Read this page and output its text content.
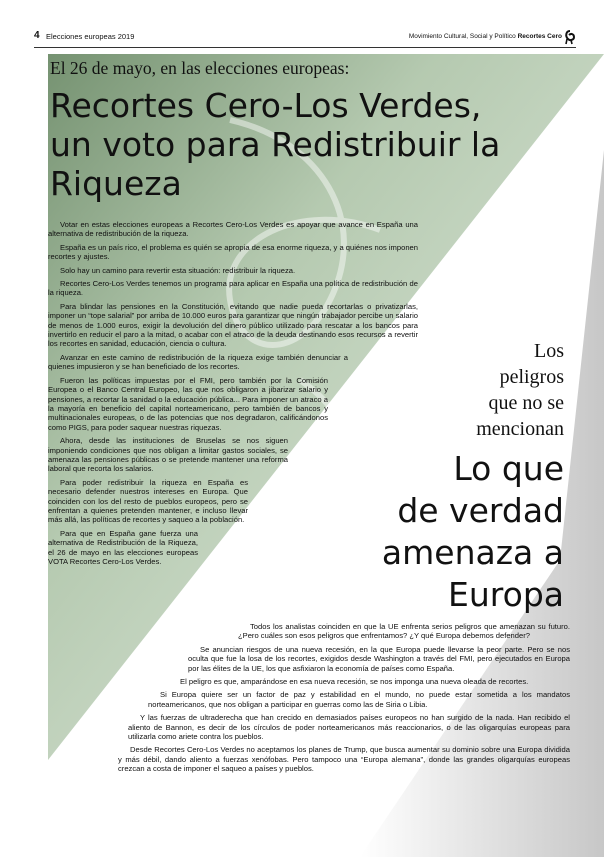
4 Elecciones europeas 2019	Movimiento Cultural, Social y Político Recortes Cero
El 26 de mayo, en las elecciones europeas:
Recortes Cero-Los Verdes, un voto para Redistribuir la Riqueza

Votar en estas elecciones europeas a Recortes Cero-Los Verdes es apoyar que avance en España una alternativa de redistribución de la riqueza.

España es un país rico, el problema es quién se apropia de esa enorme riqueza, y a quiénes nos imponen recortes y ajustes.

Solo hay un camino para revertir esta situación: redistribuir la riqueza.

Recortes Cero-Los Verdes tenemos un programa para aplicar en España una política de redistribución de la riqueza.

Para blindar las pensiones en la Constitución, evitando que nadie pueda recortarlas o privatizarlas, imponer un “tope salarial” por arriba de 10.000 euros para garantizar que ningún trabajador percibe un salario de menos de 1.000 euros, exigir la devolución del dinero público utilizado para rescatar a los bancos para invertirlo en reducir el paro a la mitad, o acabar con el atraco de la deuda destinando esos recursos a revertir los recortes en sanidad, educación, ciencia o cultura.

Avanzar en este camino de redistribución de la riqueza exige también denunciar a quienes impusieron y se han beneficiado de los recortes.

Fueron las políticas impuestas por el FMI, pero también por la Comisión Europea o el Banco Central Europeo, las que nos obligaron a jibarizar salario y pensiones, a recortar la sanidad o la educación pública... Para imponer un atraco a la mayoría en beneficio del capital norteamericano, pero también de bancos y multinacionales europeas, o de las potencias que nos degradaron, calificándonos como PIGS, para poder saquear nuestras riquezas.

Ahora, desde las instituciones de Bruselas se nos siguen imponiendo condiciones que nos obligan a limitar gastos sociales, se amenaza las pensiones públicas o se pretende mantener una reforma laboral que recorta los salarios.

Para poder redistribuir la riqueza en España es necesario defender nuestros intereses en Europa. Que coinciden con los del resto de pueblos europeos, pero se enfrentan a quienes pretenden mantener, e incluso llevar más allá, las políticas de recortes y saqueo a la población.

Para que en España gane fuerza una alternativa de Redistribución de la Riqueza, el 26 de mayo en las elecciones europeas VOTA Recortes Cero-Los Verdes.

Los
peligros
que no se
mencionan
Lo que
de verdad
amenaza a
Europa

Todos los analistas coinciden en que la UE enfrenta serios peligros que amenazan su futuro. ¿Pero cuáles son esos peligros que enfrentamos? ¿Y qué Europa debemos defender?

Se anuncian riesgos de una nueva recesión, en la que Europa puede llevarse la peor parte. Pero se nos oculta que fue la losa de los recortes, exigidos desde Washington a través del FMI, pero ejecutados en Europa por las élites de la UE, los que asfixiaron la economía de países como España.

El peligro es que, amparándose en esa nueva recesión, se nos imponga una nueva oleada de recortes.

Si Europa quiere ser un factor de paz y estabilidad en el mundo, no puede estar sometida a los mandatos norteamericanos, que nos obligan a participar en guerras como las de Siria o Libia.

Y las fuerzas de ultraderecha que han crecido en demasiados países europeos no han surgido de la nada. Han recibido el aliento de Bannon, es decir de los círculos de poder norteamericanos más reaccionarios, o de las oligarquías europeas para utilizarla como ariete contra los pueblos.

Desde Recortes Cero-Los Verdes no aceptamos los planes de Trump, que busca aumentar su dominio sobre una Europa dividida y más débil, dando aliento a fuerzas xenófobas. Pero tampoco una “Europa alemana”, donde las grandes oligarquías europeas crezcan a costa de imponer el saqueo a países y pueblos.
